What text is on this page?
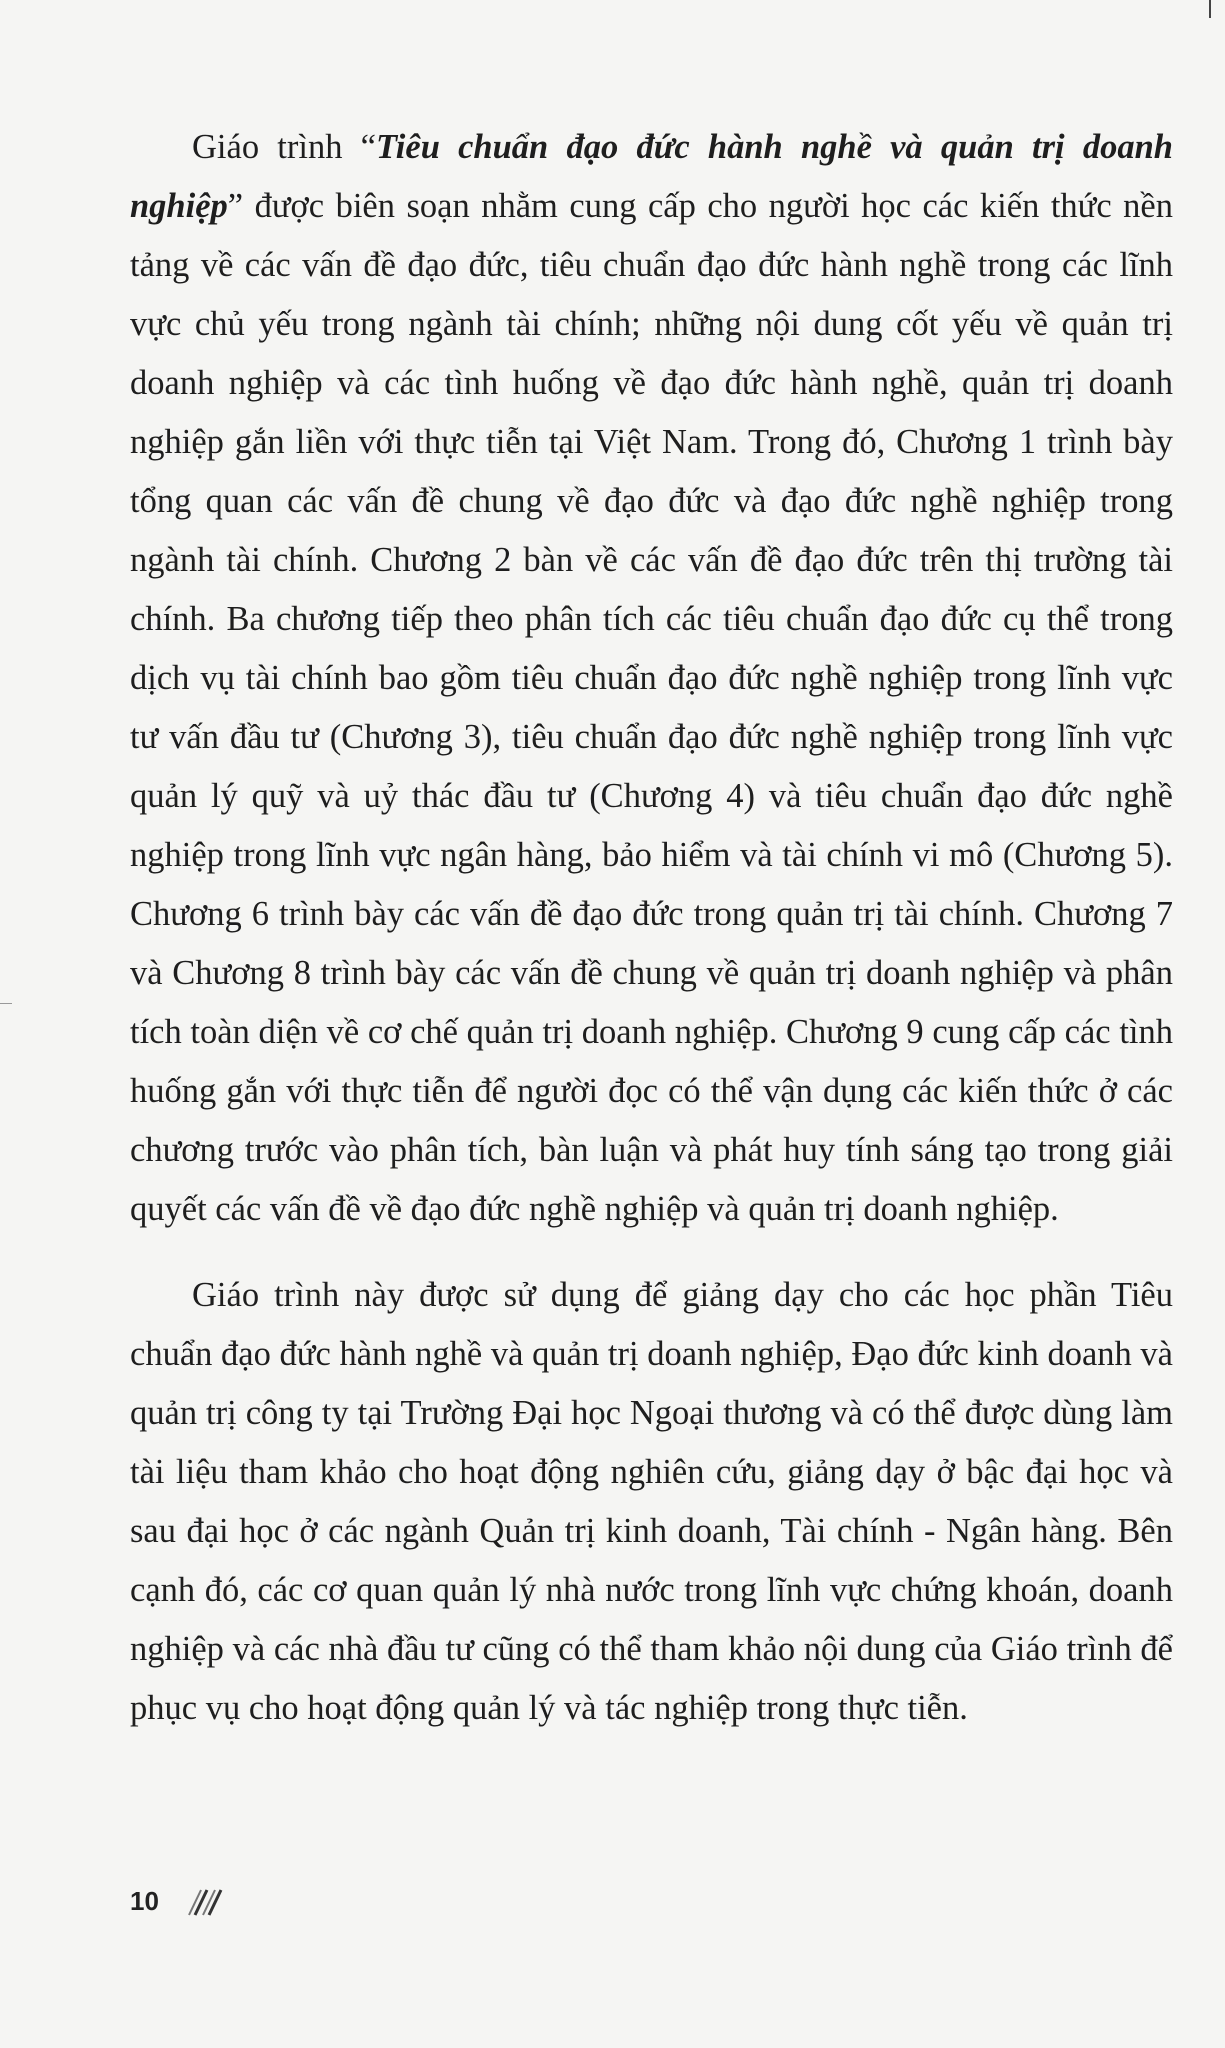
Giáo trình “Tiêu chuẩn đạo đức hành nghề và quản trị doanh nghiệp” được biên soạn nhằm cung cấp cho người học các kiến thức nền tảng về các vấn đề đạo đức, tiêu chuẩn đạo đức hành nghề trong các lĩnh vực chủ yếu trong ngành tài chính; những nội dung cốt yếu về quản trị doanh nghiệp và các tình huống về đạo đức hành nghề, quản trị doanh nghiệp gắn liền với thực tiễn tại Việt Nam. Trong đó, Chương 1 trình bày tổng quan các vấn đề chung về đạo đức và đạo đức nghề nghiệp trong ngành tài chính. Chương 2 bàn về các vấn đề đạo đức trên thị trường tài chính. Ba chương tiếp theo phân tích các tiêu chuẩn đạo đức cụ thể trong dịch vụ tài chính bao gồm tiêu chuẩn đạo đức nghề nghiệp trong lĩnh vực tư vấn đầu tư (Chương 3), tiêu chuẩn đạo đức nghề nghiệp trong lĩnh vực quản lý quỹ và uỷ thác đầu tư (Chương 4) và tiêu chuẩn đạo đức nghề nghiệp trong lĩnh vực ngân hàng, bảo hiểm và tài chính vi mô (Chương 5). Chương 6 trình bày các vấn đề đạo đức trong quản trị tài chính. Chương 7 và Chương 8 trình bày các vấn đề chung về quản trị doanh nghiệp và phân tích toàn diện về cơ chế quản trị doanh nghiệp. Chương 9 cung cấp các tình huống gắn với thực tiễn để người đọc có thể vận dụng các kiến thức ở các chương trước vào phân tích, bàn luận và phát huy tính sáng tạo trong giải quyết các vấn đề về đạo đức nghề nghiệp và quản trị doanh nghiệp.

Giáo trình này được sử dụng để giảng dạy cho các học phần Tiêu chuẩn đạo đức hành nghề và quản trị doanh nghiệp, Đạo đức kinh doanh và quản trị công ty tại Trường Đại học Ngoại thương và có thể được dùng làm tài liệu tham khảo cho hoạt động nghiên cứu, giảng dạy ở bậc đại học và sau đại học ở các ngành Quản trị kinh doanh, Tài chính - Ngân hàng. Bên cạnh đó, các cơ quan quản lý nhà nước trong lĩnh vực chứng khoán, doanh nghiệp và các nhà đầu tư cũng có thể tham khảo nội dung của Giáo trình để phục vụ cho hoạt động quản lý và tác nghiệp trong thực tiễn.

10
